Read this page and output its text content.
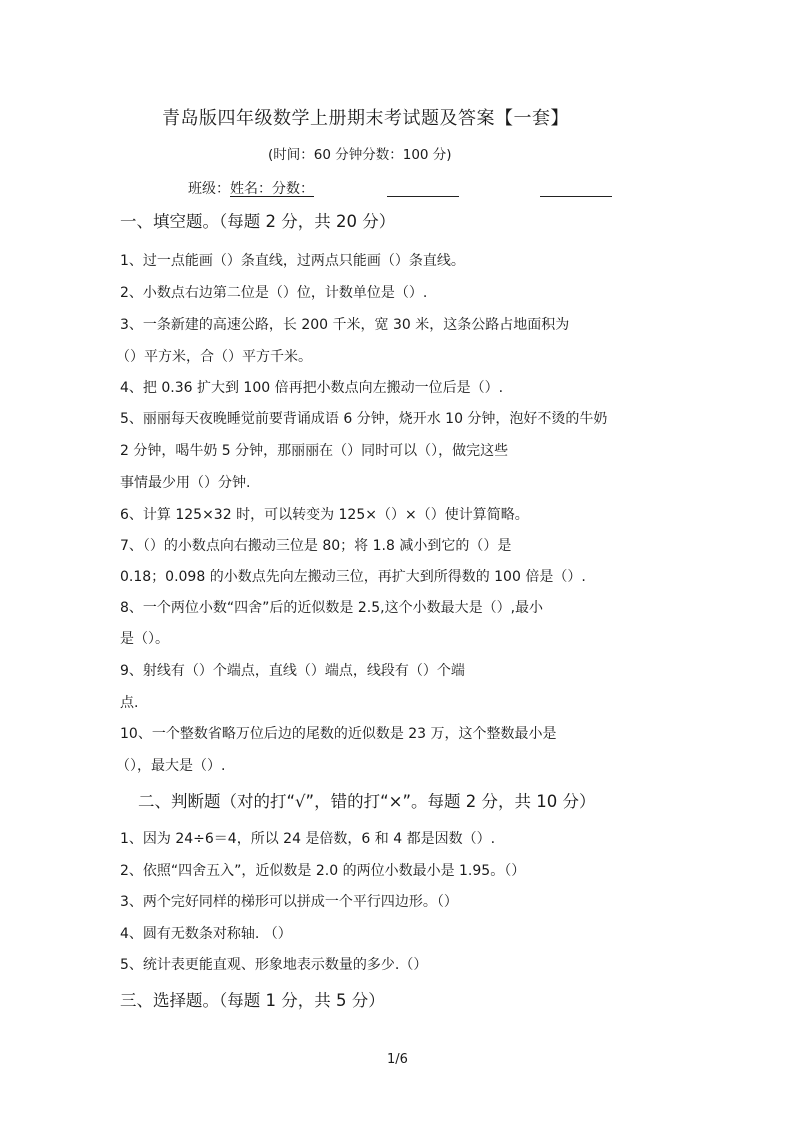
青岛版四年级数学上册期末考试题及答案【一套】
(时间：60 分钟分数：100 分)
班级：姓名：分数：
一、填空题。（每题 2 分，共 20 分）
1、过一点能画（）条直线，过两点只能画（）条直线。
2、小数点右边第二位是（）位，计数单位是（）.
3、一条新建的高速公路，长 200 千米，宽 30 米，这条公路占地面积为
（）平方米，合（）平方千米。
4、把 0.36 扩大到 100 倍再把小数点向左搬动一位后是（）.
5、丽丽每天夜晚睡觉前要背诵成语 6 分钟，烧开水 10 分钟，泡好不烫的牛奶
2 分钟，喝牛奶 5 分钟，那丽丽在（）同时可以（），做完这些
事情最少用（）分钟.
6、计算 125×32 时，可以转变为 125×（）×（）使计算简略。
7、（）的小数点向右搬动三位是 80；将 1.8 减小到它的（）是
0.18；0.098 的小数点先向左搬动三位，再扩大到所得数的 100 倍是（）.
8、一个两位小数“四舍”后的近似数是 2.5,这个小数最大是（）,最小
是（）。
9、射线有（）个端点，直线（）端点，线段有（）个端
点.
10、一个整数省略万位后边的尾数的近似数是 23 万，这个整数最小是
（），最大是（）.
二、判断题（对的打“√”，错的打“×”。每题 2 分，共 10 分）
1、因为 24÷6＝4，所以 24 是倍数，6 和 4 都是因数（）.
2、依照“四舍五入”，近似数是 2.0 的两位小数最小是 1.95。（）
3、两个完好同样的梯形可以拼成一个平行四边形。（）
4、圆有无数条对称轴. （）
5、统计表更能直观、形象地表示数量的多少.（）
三、选择题。（每题 1 分，共 5 分）
1/6
